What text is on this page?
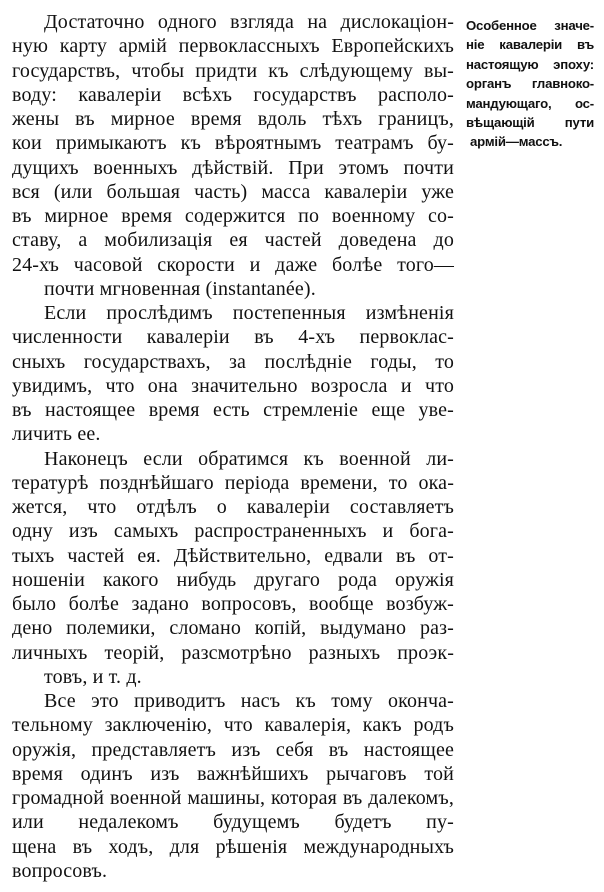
Достаточно одного взгляда на дислокацiон-
ную карту армiй первоклассныхъ Европейскихъ
государствъ, чтобы придти къ слѣдующему вы-
воду: кавалерiи всѣхъ государствъ располо-
жены въ мирное время вдоль тѣхъ границъ,
кои примыкаютъ къ вѣроятнымъ театрамъ бу-
дущихъ военныхъ дѣйствiй. При этомъ почти
вся (или большая часть) масса кавалерiи уже
въ мирное время содержится по военному со-
ставу, а мобилизацiя ея частей доведена до
24-хъ часовой скорости и даже болѣе того—
почти мгновенная (instantanée).
Если прослѣдимъ постепенныя измѣненiя
численности кавалерiи въ 4-хъ первоклас-
сныхъ государствахъ, за послѣднiе годы, то
увидимъ, что она значительно возросла и что
въ настоящее время есть стремленiе еще уве-
личить ее.
Наконецъ если обратимся къ военной ли-
тературѣ позднѣйшаго перiода времени, то ока-
жется, что отдѣлъ о кавалерiи составляетъ
одну изъ самыхъ распространенныхъ и бога-
тыхъ частей ея. Дѣйствительно, едвали въ от-
ношенiи какого нибудь другаго рода оружiя
было болѣе задано вопросовъ, вообще возбуж-
дено полемики, сломано копiй, выдумано раз-
личныхъ теорiй, разсмотрѣно разныхъ проэк-
товъ, и т. д.
Все это приводитъ насъ къ тому оконча-
тельному заключенiю, что кавалерiя, какъ родъ
оружiя, представляетъ изъ себя въ настоящее
время одинъ изъ важнѣйшихъ рычаговъ той
громадной военной машины, которая въ далекомъ,
или недалекомъ будущемъ будетъ пу-
щена въ ходъ, для рѣшенiя международныхъ
вопросовъ.
Особенное значе-
нiе кавалерiи въ
настоящую эпоху:
органъ главноко-
мандующаго, ос-
вѣщающiй пути
армiй—массъ.
